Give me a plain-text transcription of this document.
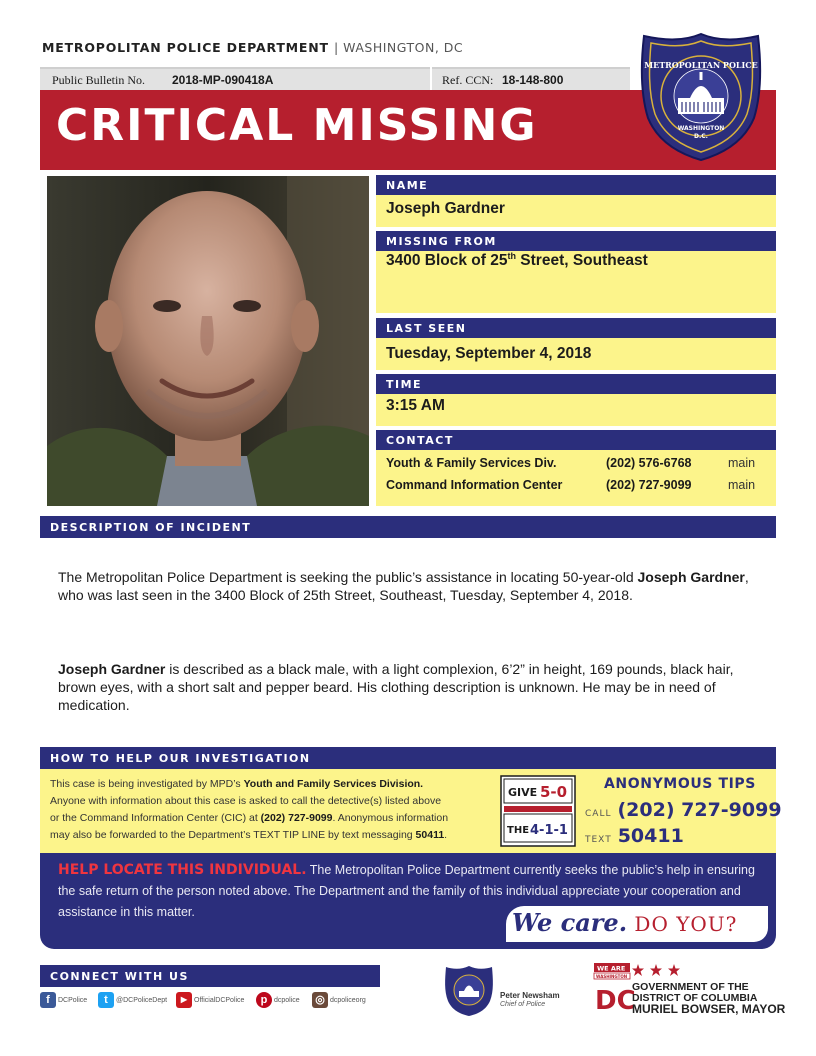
METROPOLITAN POLICE DEPARTMENT | WASHINGTON, DC
Public Bulletin No. 2018-MP-090418A	Ref. CCN: 18-148-800
CRITICAL MISSING
METROPOLITAN POLICE
WASHINGTON
D.C.
NAME
Joseph Gardner
MISSING FROM
3400 Block of 25th Street, Southeast
LAST SEEN
Tuesday, September 4, 2018
TIME
3:15 AM
CONTACT
Youth & Family Services Div.	(202) 576-6768	main
Command Information Center	(202) 727-9099	main
DESCRIPTION OF INCIDENT
The Metropolitan Police Department is seeking the public’s assistance in locating 50-year-old Joseph Gardner, who was last seen in the 3400 Block of 25th Street, Southeast, Tuesday, September 4, 2018.
Joseph Gardner is described as a black male, with a light complexion, 6’2” in height, 169 pounds, black hair, brown eyes, with a short salt and pepper beard. His clothing description is unknown. He may be in need of medication.
HOW TO HELP OUR INVESTIGATION
This case is being investigated by MPD’s Youth and Family Services Division.
Anyone with information about this case is asked to call the detective(s) listed above
or the Command Information Center (CIC) at (202) 727-9099. Anonymous information
may also be forwarded to the Department’s TEXT TIP LINE by text messaging 50411.
GIVE 5-0
THE 4-1-1
ANONYMOUS TIPS
CALL (202) 727-9099
TEXT 50411
HELP LOCATE THIS INDIVIDUAL. The Metropolitan Police Department currently seeks the public’s help in ensuring the safe return of the person noted above. The Department and the family of this individual appreciate your cooperation and assistance in this matter.	We care. DO YOU?
CONNECT WITH US
f DCPolice	t @DCPoliceDept	▶ OfficialDCPolice	p dcpolice ◎ dcpoliceorg
Peter Newsham
Chief of Police
WE ARE
WASHINGTON
DC
GOVERNMENT OF THE
DISTRICT OF COLUMBIA
MURIEL BOWSER, MAYOR
